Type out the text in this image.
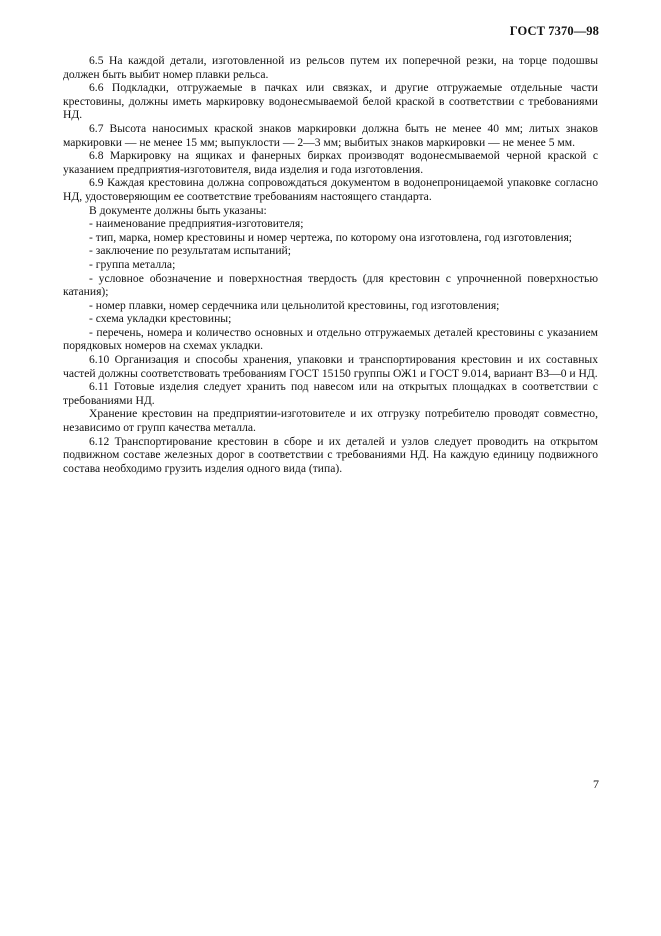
ГОСТ 7370—98

6.5 На каждой детали, изготовленной из рельсов путем их поперечной резки, на торце подошвы должен быть выбит номер плавки рельса.

6.6 Подкладки, отгружаемые в пачках или связках, и другие отгружаемые отдельные части крестовины, должны иметь маркировку водонесмываемой белой краской в соответствии с требованиями НД.

6.7 Высота наносимых краской знаков маркировки должна быть не менее 40 мм; литых знаков маркировки — не менее 15 мм; выпуклости — 2—3 мм; выбитых знаков маркировки — не менее 5 мм.

6.8 Маркировку на ящиках и фанерных бирках производят водонесмываемой черной краской с указанием предприятия-изготовителя, вида изделия и года изготовления.

6.9 Каждая крестовина должна сопровождаться документом в водонепроницаемой упаковке согласно НД, удостоверяющим ее соответствие требованиям настоящего стандарта.

В документе должны быть указаны:

- наименование предприятия-изготовителя;

- тип, марка, номер крестовины и номер чертежа, по которому она изготовлена, год изготовления;

- заключение по результатам испытаний;

- группа металла;

- условное обозначение и поверхностная твердость (для крестовин с упрочненной поверхностью катания);

- номер плавки, номер сердечника или цельнолитой крестовины, год изготовления;

- схема укладки крестовины;

- перечень, номера и количество основных и отдельно отгружаемых деталей крестовины с указанием порядковых номеров на схемах укладки.

6.10 Организация и способы хранения, упаковки и транспортирования крестовин и их составных частей должны соответствовать требованиям ГОСТ 15150 группы ОЖ1 и ГОСТ 9.014, вариант ВЗ—0 и НД.

6.11 Готовые изделия следует хранить под навесом или на открытых площадках в соответствии с требованиями НД.

Хранение крестовин на предприятии-изготовителе и их отгрузку потребителю проводят совместно, независимо от групп качества металла.

6.12 Транспортирование крестовин в сборе и их деталей и узлов следует проводить на открытом подвижном составе железных дорог в соответствии с требованиями НД. На каждую единицу подвижного состава необходимо грузить изделия одного вида (типа).

7
